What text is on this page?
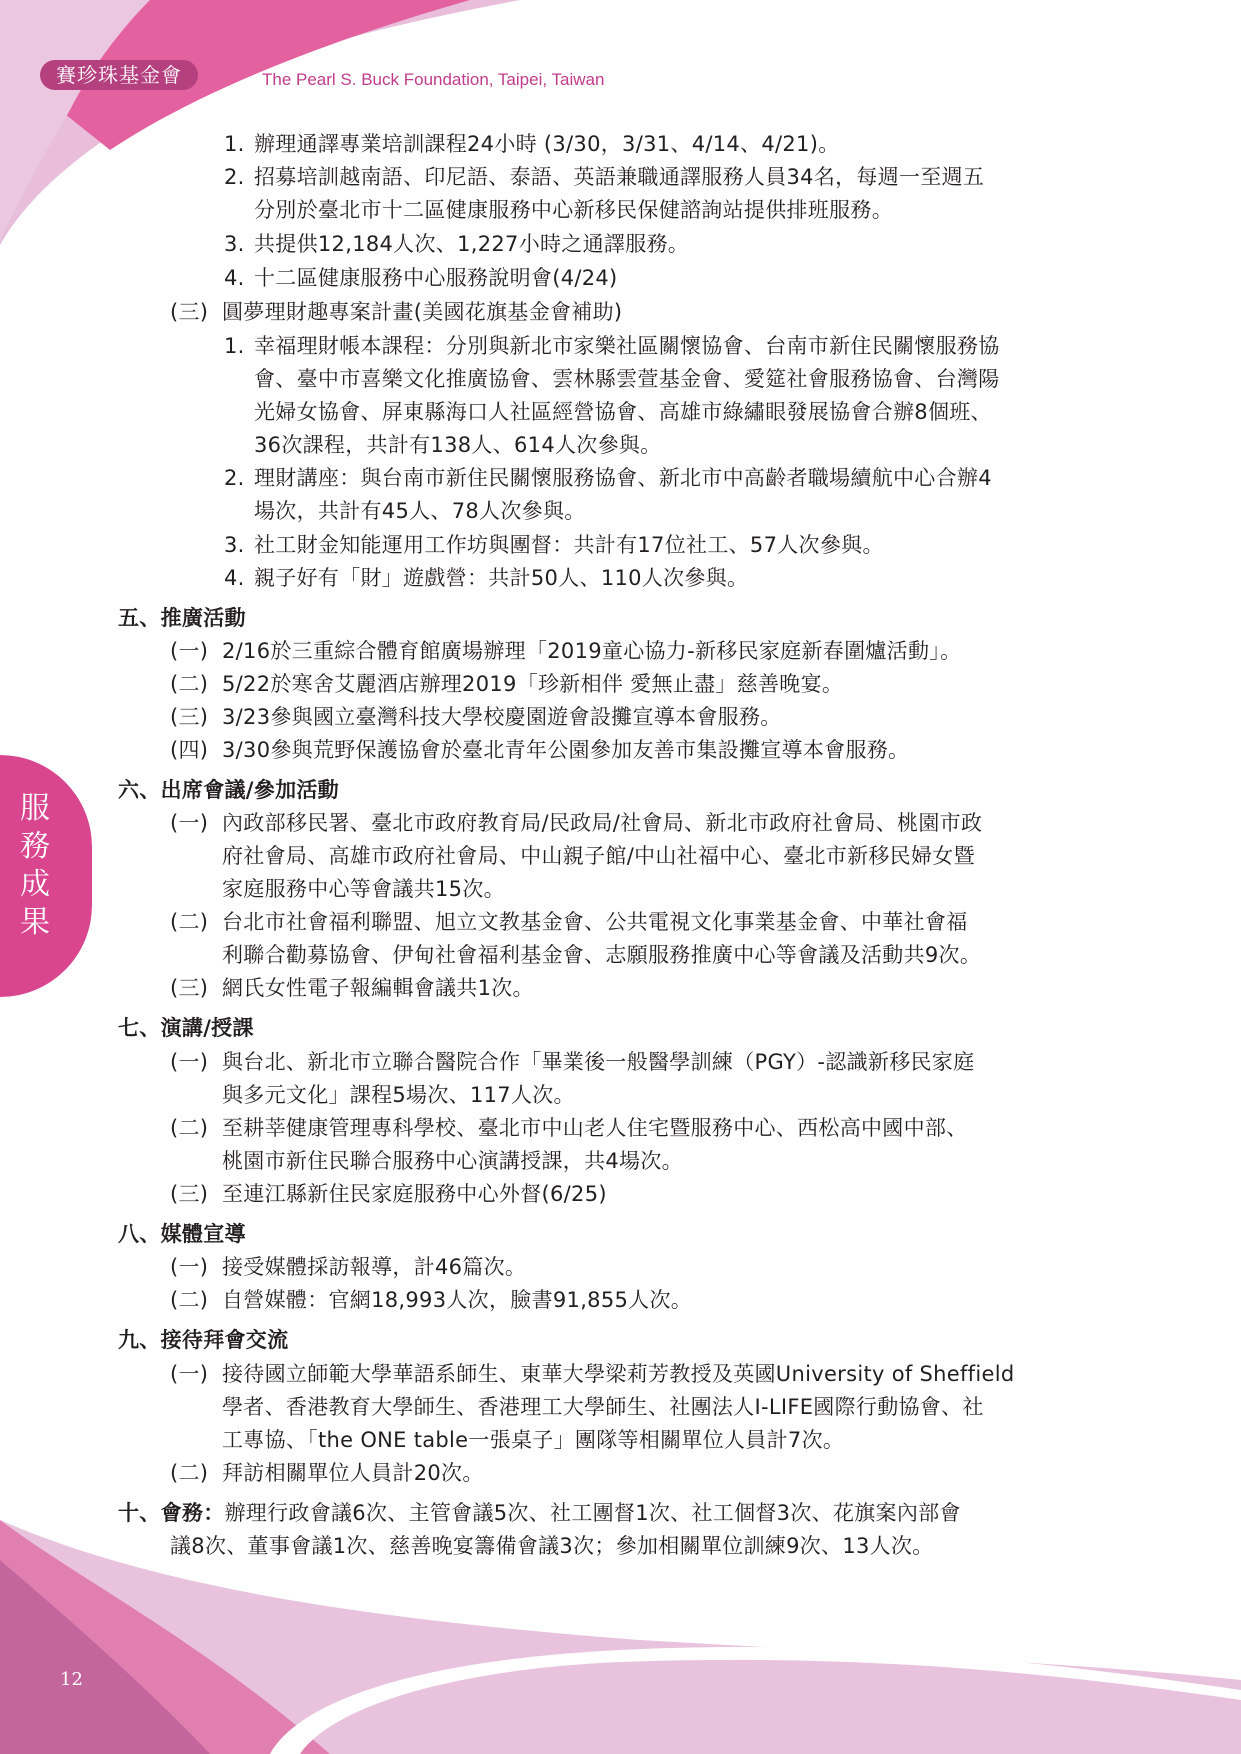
賽珍珠基金會	The Pearl S. Buck Foundation, Taipei, Taiwan
服務成果
12
1. 辦理通譯專業培訓課程24小時 (3/30，3/31、4/14、4/21)。
2. 招募培訓越南語、印尼語、泰語、英語兼職通譯服務人員34名，每週一至週五
分別於臺北市十二區健康服務中心新移民保健諮詢站提供排班服務。
3. 共提供12,184人次、1,227小時之通譯服務。
4. 十二區健康服務中心服務說明會(4/24)
(三) 圓夢理財趣專案計畫(美國花旗基金會補助)
1. 幸福理財帳本課程：分別與新北市家樂社區關懷協會、台南市新住民關懷服務協
會、臺中市喜樂文化推廣協會、雲林縣雲萱基金會、愛筵社會服務協會、台灣陽
光婦女協會、屏東縣海口人社區經營協會、高雄市綠繡眼發展協會合辦8個班、
36次課程，共計有138人、614人次參與。
2. 理財講座：與台南市新住民關懷服務協會、新北市中高齡者職場續航中心合辦4
場次，共計有45人、78人次參與。
3. 社工財金知能運用工作坊與團督：共計有17位社工、57人次參與。
4. 親子好有「財」遊戲營：共計50人、110人次參與。
五、推廣活動
(一) 2/16於三重綜合體育館廣場辦理「2019童心協力-新移民家庭新春圍爐活動」。
(二) 5/22於寒舍艾麗酒店辦理2019「珍新相伴 愛無止盡」慈善晚宴。
(三) 3/23參與國立臺灣科技大學校慶園遊會設攤宣導本會服務。
(四) 3/30參與荒野保護協會於臺北青年公園參加友善市集設攤宣導本會服務。
六、出席會議/參加活動
(一) 內政部移民署、臺北市政府教育局/民政局/社會局、新北市政府社會局、桃園市政
府社會局、高雄市政府社會局、中山親子館/中山社福中心、臺北市新移民婦女暨
家庭服務中心等會議共15次。
(二) 台北市社會福利聯盟、旭立文教基金會、公共電視文化事業基金會、中華社會福
利聯合勸募協會、伊甸社會福利基金會、志願服務推廣中心等會議及活動共9次。
(三) 網氏女性電子報編輯會議共1次。
七、演講/授課
(一) 與台北、新北市立聯合醫院合作「畢業後一般醫學訓練（PGY）-認識新移民家庭
與多元文化」課程5場次、117人次。
(二) 至耕莘健康管理專科學校、臺北市中山老人住宅暨服務中心、西松高中國中部、
桃園市新住民聯合服務中心演講授課，共4場次。
(三) 至連江縣新住民家庭服務中心外督(6/25)
八、媒體宣導
(一) 接受媒體採訪報導，計46篇次。
(二) 自營媒體：官網18,993人次，臉書91,855人次。
九、接待拜會交流
(一) 接待國立師範大學華語系師生、東華大學梁莉芳教授及英國University of Sheffield
學者、香港教育大學師生、香港理工大學師生、社團法人I-LIFE國際行動協會、社
工專協、「the ONE table一張桌子」團隊等相關單位人員計7次。
(二) 拜訪相關單位人員計20次。
十、會務：辦理行政會議6次、主管會議5次、社工團督1次、社工個督3次、花旗案內部會
議8次、董事會議1次、慈善晚宴籌備會議3次；參加相關單位訓練9次、13人次。
